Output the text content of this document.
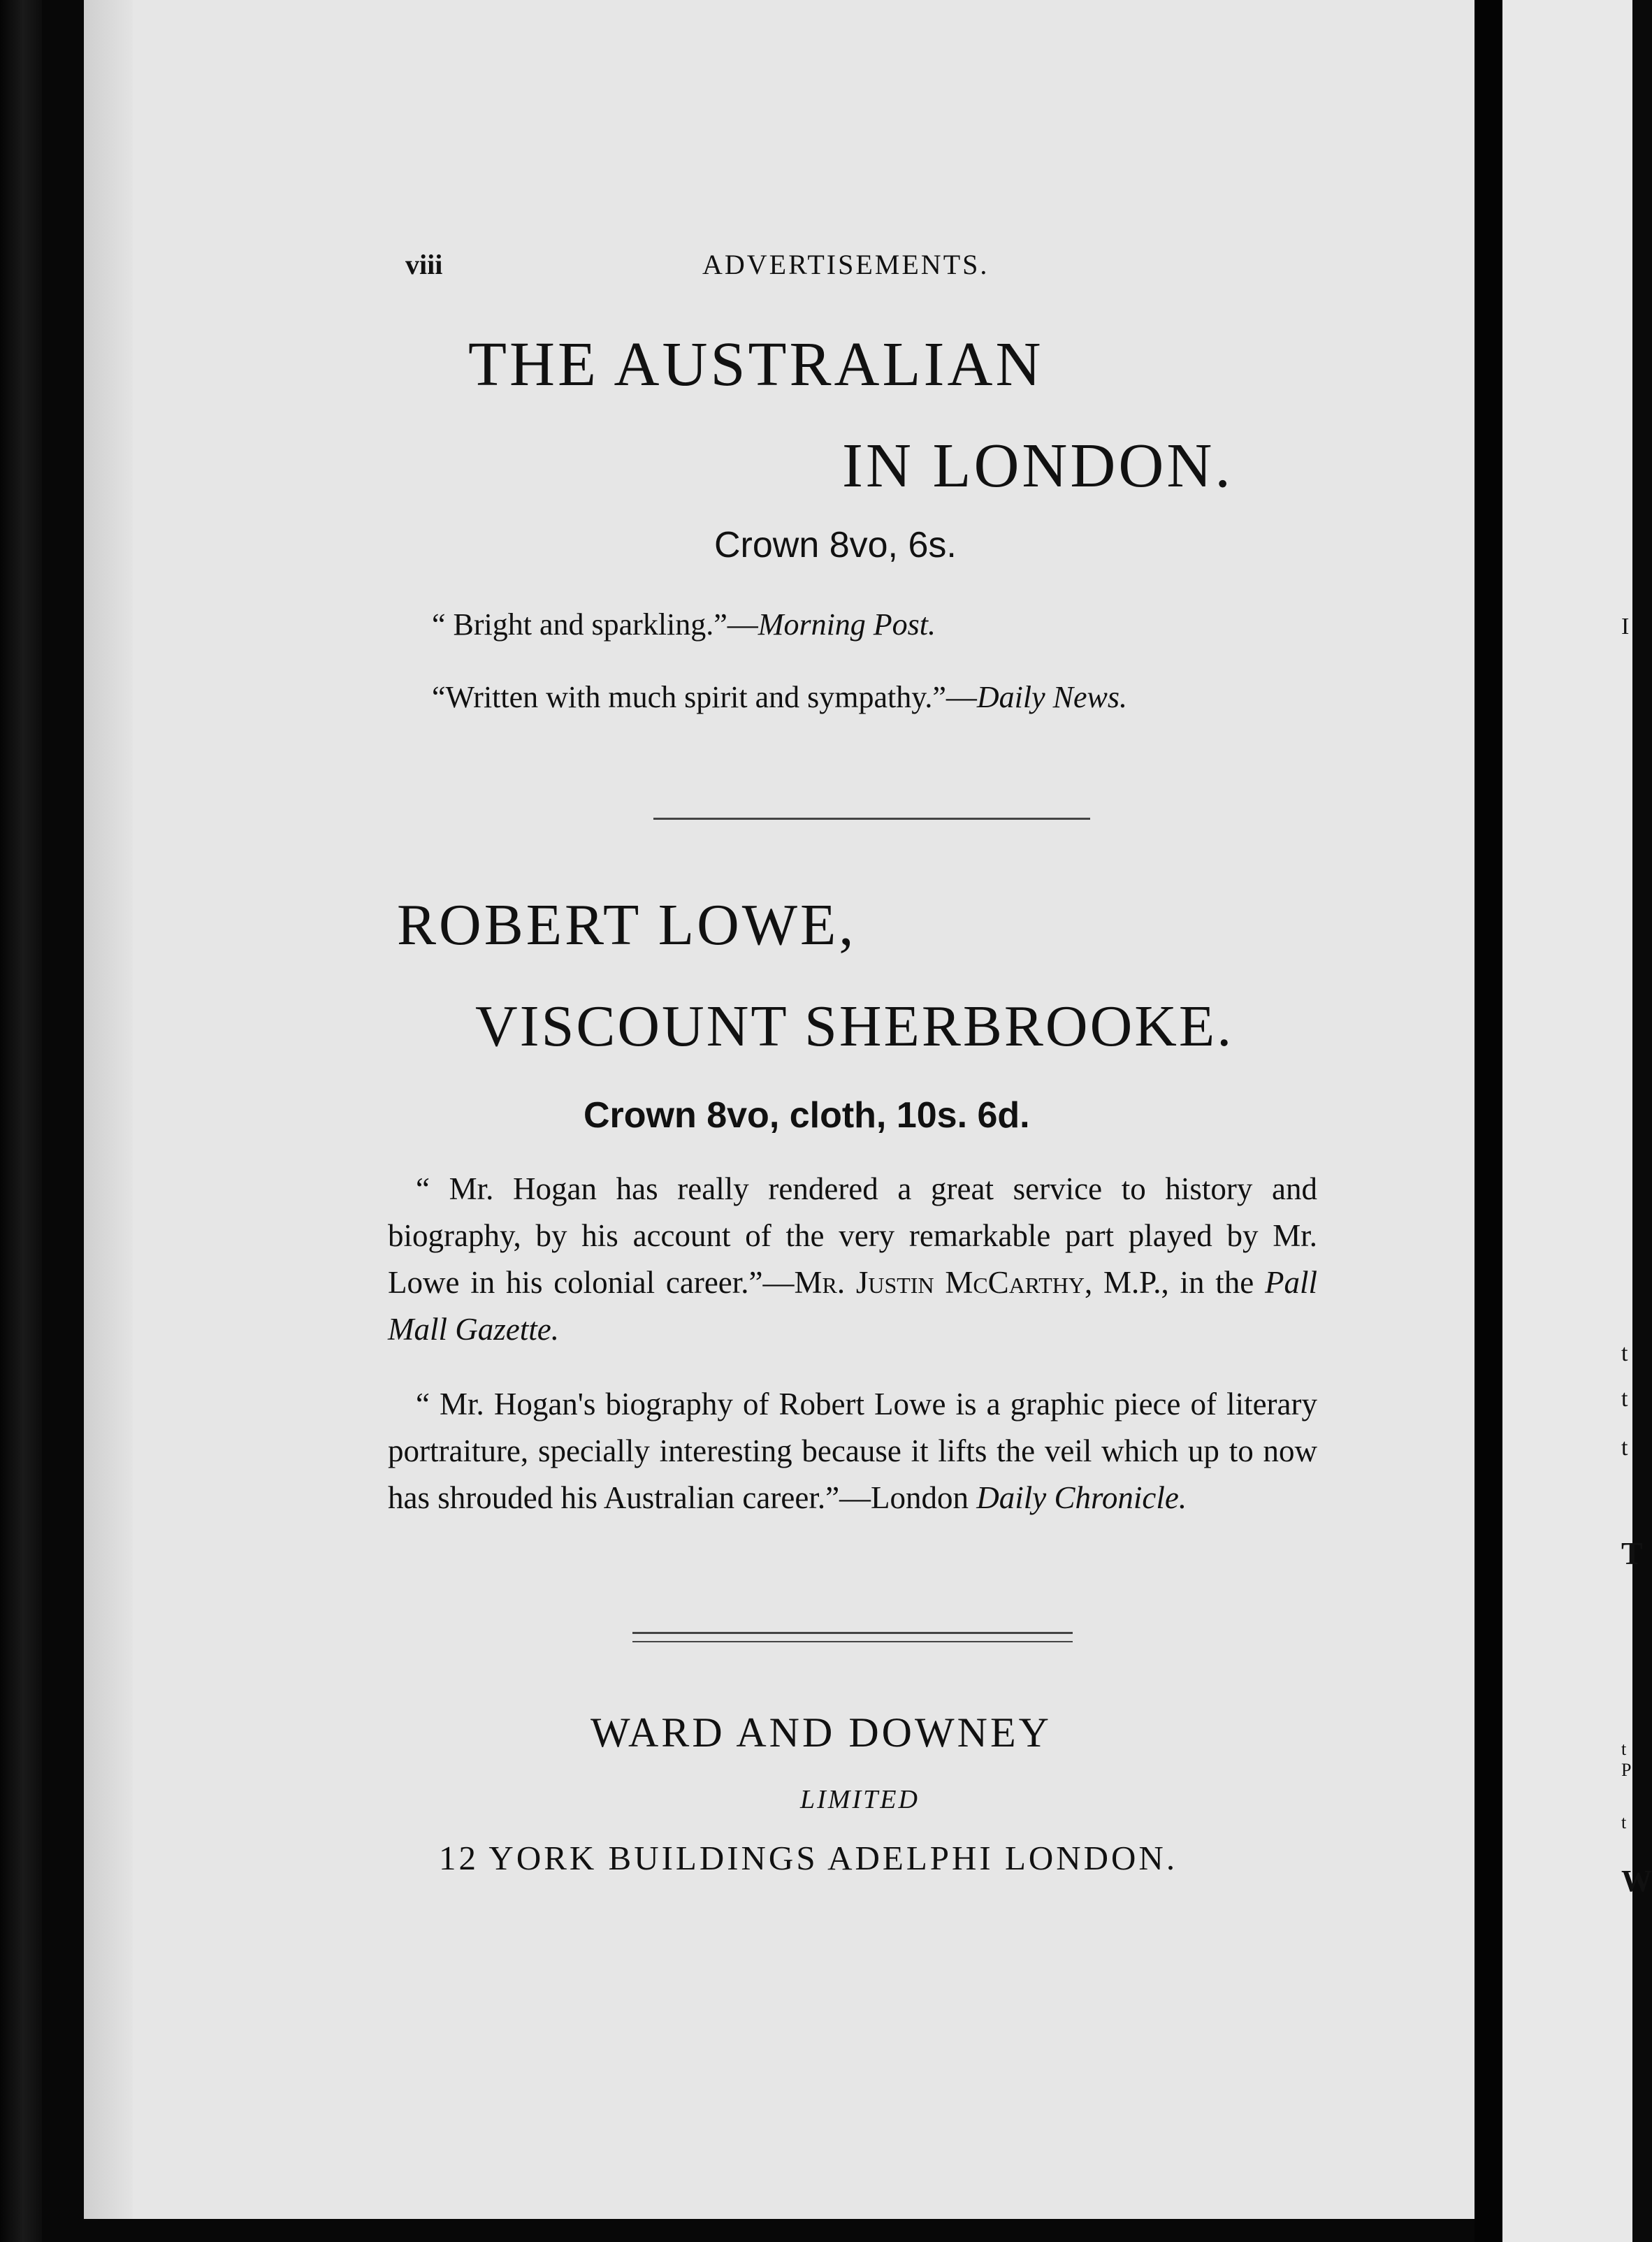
I
t
t
t
T
t
P
t
W
viii	ADVERTISEMENTS.
THE AUSTRALIAN
IN LONDON.
Crown 8vo, 6s.
“ Bright and sparkling.”—Morning Post.
“Written with much spirit and sympathy.”—Daily News.
ROBERT LOWE,
VISCOUNT SHERBROOKE.
Crown 8vo, cloth, 10s. 6d.
“ Mr. Hogan has really rendered a great service to history and biography, by his account of the very remarkable part played by Mr. Lowe in his colonial career.”—Mr. Justin McCarthy, M.P., in the Pall Mall Gazette.
“ Mr. Hogan's biography of Robert Lowe is a graphic piece of literary portraiture, specially interesting because it lifts the veil which up to now has shrouded his Australian career.”—London Daily Chronicle.
WARD AND DOWNEY
LIMITED
12 YORK BUILDINGS ADELPHI LONDON.
